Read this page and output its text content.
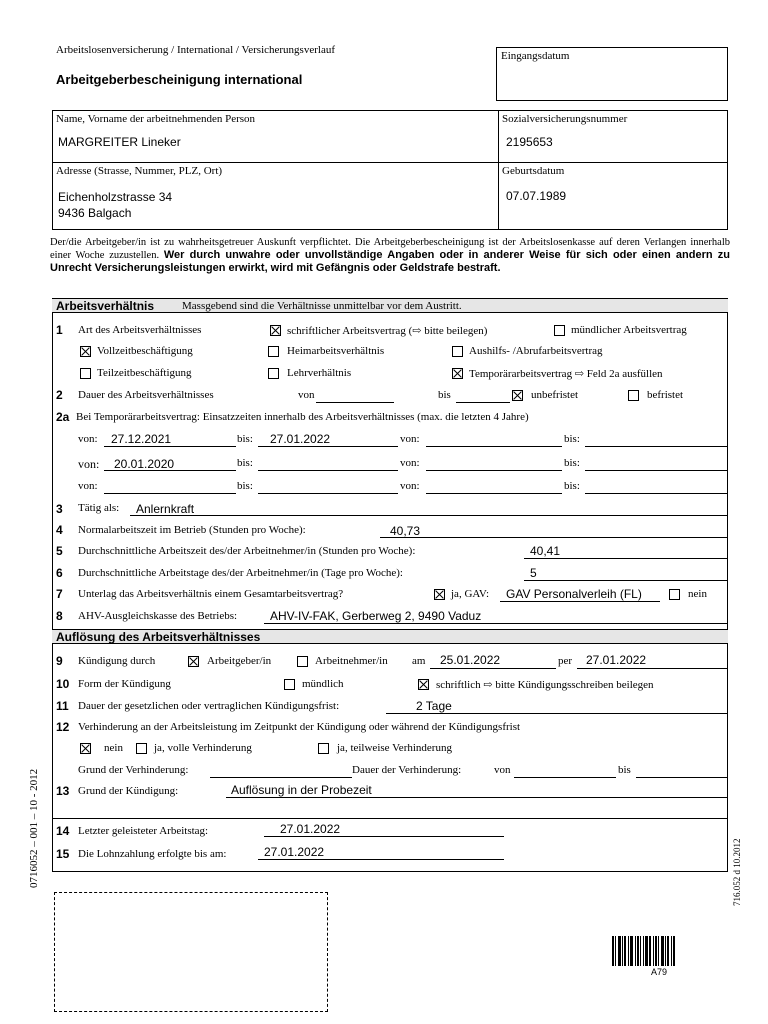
Arbeitslosenversicherung / International / Versicherungsverlauf
Arbeitgeberbescheinigung international
Eingangsdatum
Name, Vorname der arbeitnehmenden Person
MARGREITER Lineker
Sozialversicherungsnummer
2195653
Adresse (Strasse, Nummer, PLZ, Ort)
Eichenholzstrasse 34
9436 Balgach
Geburtsdatum
07.07.1989
Der/die Arbeitgeber/in ist zu wahrheitsgetreuer Auskunft verpflichtet. Die Arbeitgeberbescheinigung ist der Arbeitslosenkasse auf deren Verlangen innerhalb einer Woche zuzustellen. Wer durch unwahre oder unvollständige Angaben oder in anderer Weise für sich oder einen andern zu Unrecht Versicherungsleistungen erwirkt, wird mit Gefängnis oder Geldstrafe bestraft.
Arbeitsverhältnis	Massgebend sind die Verhältnisse unmittelbar vor dem Austritt.
1 Art des Arbeitsverhältnisses	schriftlicher Arbeitsvertrag (⇨ bitte beilegen)	mündlicher Arbeitsvertrag
Vollzeitbeschäftigung	Heimarbeitsverhältnis	Aushilfs- /Abrufarbeitsvertrag
Teilzeitbeschäftigung	Lehrverhältnis	Temporärarbeitsvertrag ⇨ Feld 2a ausfüllen
2 Dauer des Arbeitsverhältnisses	von	bis	unbefristet	befristet
2a Bei Temporärarbeitsvertrag: Einsatzzeiten innerhalb des Arbeitsverhältnisses (max. die letzten 4 Jahre)
von: 27.12.2021	bis: 27.01.2022	von:	bis:
von: 20.01.2020	bis:	von:	bis:
von:	bis:	von:	bis:
3 Tätig als: Anlernkraft
4 Normalarbeitszeit im Betrieb (Stunden pro Woche):	40,73
5 Durchschnittliche Arbeitszeit des/der Arbeitnehmer/in (Stunden pro Woche):	40,41
6 Durchschnittliche Arbeitstage des/der Arbeitnehmer/in (Tage pro Woche):	5
7 Unterlag das Arbeitsverhältnis einem Gesamtarbeitsvertrag?	ja, GAV: GAV Personalverleih (FL)	nein
8 AHV-Ausgleichskasse des Betriebs:	AHV-IV-FAK, Gerberweg 2, 9490 Vaduz
Auflösung des Arbeitsverhältnisses
9 Kündigung durch	Arbeitgeber/in	Arbeitnehmer/in am 25.01.2022	per 27.01.2022
10 Form der Kündigung	mündlich	schriftlich ⇨ bitte Kündigungsschreiben beilegen
11 Dauer der gesetzlichen oder vertraglichen Kündigungsfrist:	2 Tage
12 Verhinderung an der Arbeitsleistung im Zeitpunkt der Kündigung oder während der Kündigungsfrist
nein	ja, volle Verhinderung	ja, teilweise Verhinderung
Grund der Verhinderung:	Dauer der Verhinderung:	von	bis
13 Grund der Kündigung:	Auflösung in der Probezeit
14 Letzter geleisteter Arbeitstag:	27.01.2022
15 Die Lohnzahlung erfolgte bis am:	27.01.2022
0716052 – 001 – 10 - 2012	716.052 d 10.2012
A79
